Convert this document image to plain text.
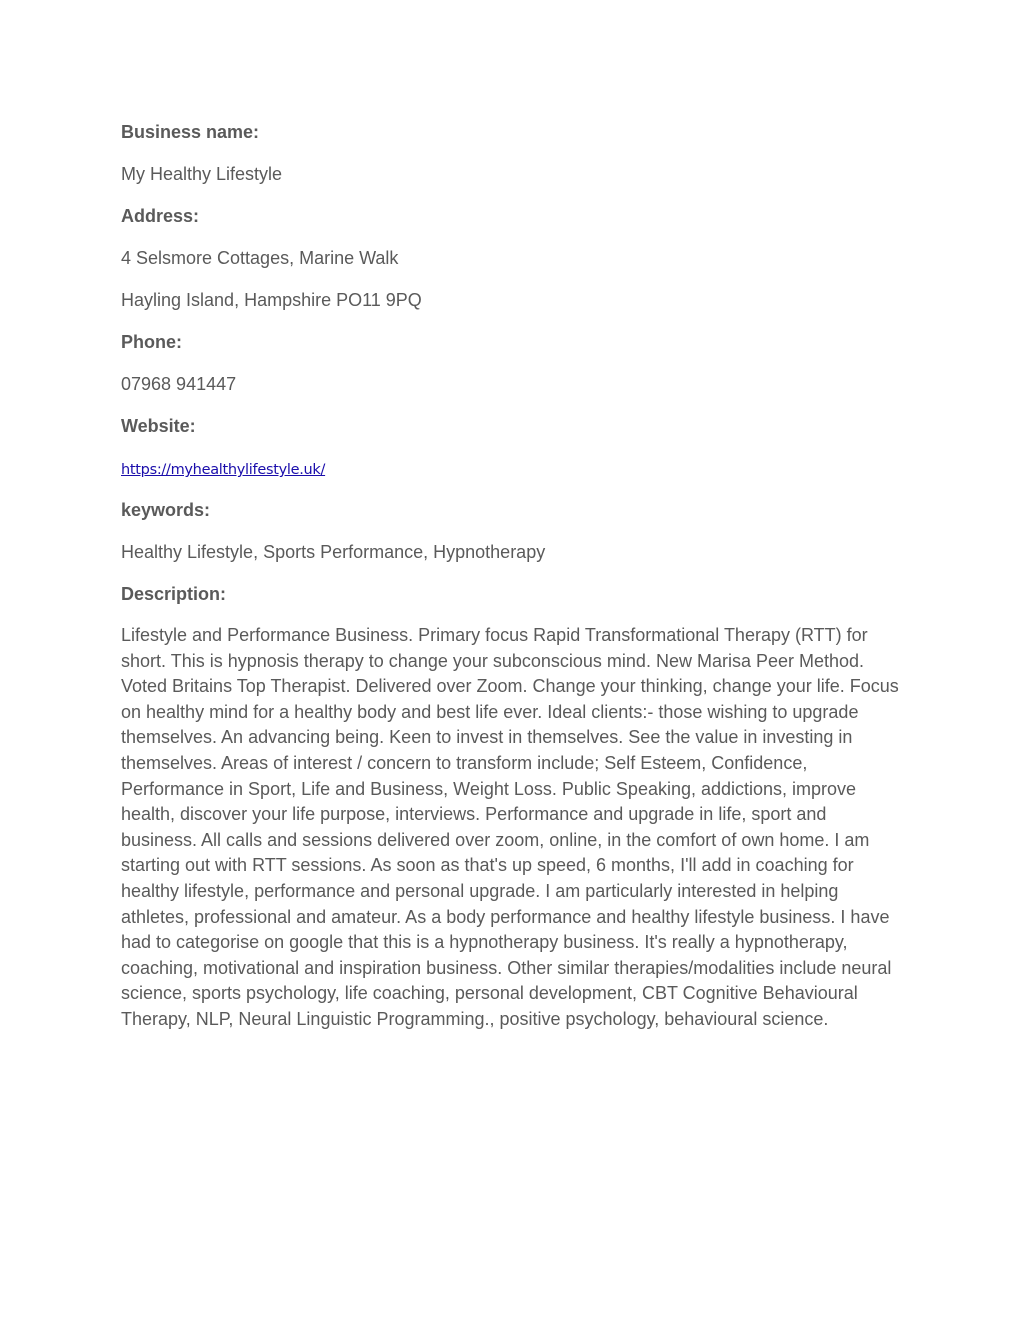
Business name:

My Healthy Lifestyle

Address:

4 Selsmore Cottages, Marine Walk

Hayling Island, Hampshire PO11 9PQ

Phone:

07968 941447

Website:

https://myhealthylifestyle.uk/

keywords:

Healthy Lifestyle, Sports Performance, Hypnotherapy

Description:

Lifestyle and Performance Business. Primary focus Rapid Transformational Therapy (RTT) for short. This is hypnosis therapy to change your subconscious mind. New Marisa Peer Method. Voted Britains Top Therapist. Delivered over Zoom. Change your thinking, change your life. Focus on healthy mind for a healthy body and best life ever. Ideal clients:- those wishing to upgrade themselves. An advancing being. Keen to invest in themselves. See the value in investing in themselves. Areas of interest / concern to transform include; Self Esteem, Confidence, Performance in Sport, Life and Business, Weight Loss. Public Speaking, addictions, improve health, discover your life purpose, interviews. Performance and upgrade in life, sport and business. All calls and sessions delivered over zoom, online, in the comfort of own home. I am starting out with RTT sessions. As soon as that's up speed, 6 months, I'll add in coaching for healthy lifestyle, performance and personal upgrade. I am particularly interested in helping athletes, professional and amateur. As a body performance and healthy lifestyle business. I have had to categorise on google that this is a hypnotherapy business. It's really a hypnotherapy, coaching, motivational and inspiration business. Other similar therapies/modalities include neural science, sports psychology, life coaching, personal development, CBT Cognitive Behavioural Therapy, NLP, Neural Linguistic Programming., positive psychology, behavioural science.
